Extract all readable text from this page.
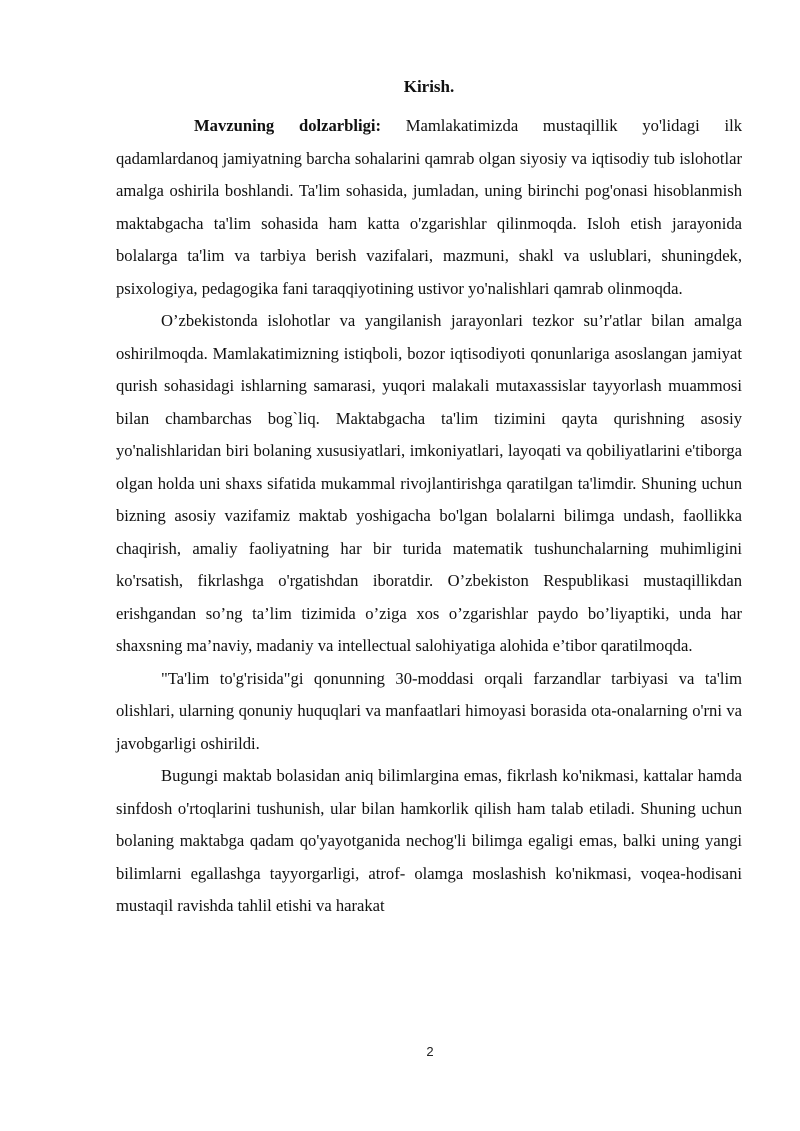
Kirish.

Mavzuning dolzarbligi: Mamlakatimizda mustaqillik yo'lidagi ilk qadamlardanoq jamiyatning barcha sohalarini qamrab olgan siyosiy va iqtisodiy tub islohotlar amalga oshirila boshlandi. Ta'lim sohasida, jumladan, uning birinchi pog'onasi hisoblanmish maktabgacha ta'lim sohasida ham katta o'zgarishlar qilinmoqda. Isloh etish jarayonida bolalarga ta'lim va tarbiya berish vazifalari, mazmuni, shakl va uslublari, shuningdek, psixologiya, pedagogika fani taraqqiyotining ustivor yo'nalishlari qamrab olinmoqda.

O’zbekistonda islohotlar va yangilanish jarayonlari tezkor su’r'atlar bilan amalga oshirilmoqda. Mamlakatimizning istiqboli, bozor iqtisodiyoti qonunlariga asoslangan jamiyat qurish sohasidagi ishlarning samarasi, yuqori malakali mutaxassislar tayyorlash muammosi bilan chambarchas bog`liq. Maktabgacha ta'lim tizimini qayta qurishning asosiy yo'nalishlaridan biri bolaning xususiyatlari, imkoniyatlari, layoqati va qobiliyatlarini e'tiborga olgan holda uni shaxs sifatida mukammal rivojlantirishga qaratilgan ta'limdir. Shuning uchun bizning asosiy vazifamiz maktab yoshigacha bo'lgan bolalarni bilimga undash, faollikka chaqirish, amaliy faoliyatning har bir turida matematik tushunchalarning muhimligini ko'rsatish, fikrlashga o'rgatishdan iboratdir. O’zbekiston Respublikasi mustaqillikdan erishgandan so’ng ta’lim tizimida o’ziga xos o’zgarishlar paydo bo’liyaptiki, unda har shaxsning ma’naviy, madaniy va intellectual salohiyatiga alohida e’tibor qaratilmoqda.

"Ta'lim to'g'risida"gi qonunning 30-moddasi orqali farzandlar tarbiyasi va ta'lim olishlari, ularning qonuniy huquqlari va manfaatlari himoyasi borasida ota-onalarning o'rni va javobgarligi oshirildi.

Bugungi maktab bolasidan aniq bilimlargina emas, fikrlash ko'nikmasi, kattalar hamda sinfdosh o'rtoqlarini tushunish, ular bilan hamkorlik qilish ham talab etiladi. Shuning uchun bolaning maktabga qadam qo'yayotganida nechog'li bilimga egaligi emas, balki uning yangi bilimlarni egallashga tayyorgarligi, atrof- olamga moslashish ko'nikmasi, voqea-hodisani mustaqil ravishda tahlil etishi va harakat

2
